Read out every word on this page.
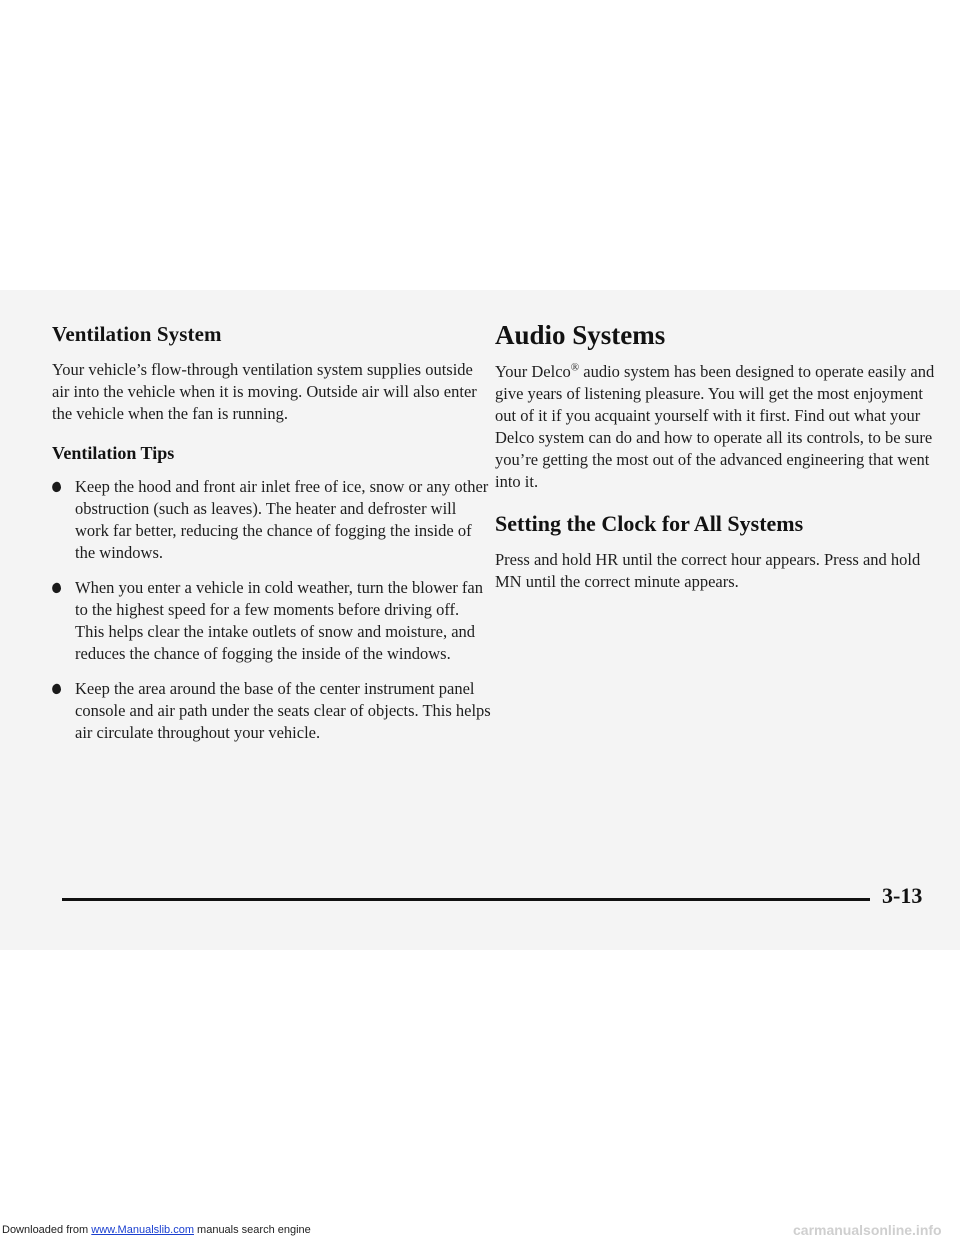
Ventilation System

Your vehicle’s flow-through ventilation system supplies outside air into the vehicle when it is moving. Outside air will also enter the vehicle when the fan is running.

Ventilation Tips
Keep the hood and front air inlet free of ice, snow or any other obstruction (such as leaves). The heater and defroster will work far better, reducing the chance of fogging the inside of the windows.
When you enter a vehicle in cold weather, turn the blower fan to the highest speed for a few moments before driving off. This helps clear the intake outlets of snow and moisture, and reduces the chance of fogging the inside of the windows.
Keep the area around the base of the center instrument panel console and air path under the seats clear of objects. This helps air circulate throughout your vehicle.
Audio Systems

Your Delco® audio system has been designed to operate easily and give years of listening pleasure. You will get the most enjoyment out of it if you acquaint yourself with it first. Find out what your Delco system can do and how to operate all its controls, to be sure you’re getting the most out of the advanced engineering that went into it.

Setting the Clock for All Systems

Press and hold HR until the correct hour appears. Press and hold MN until the correct minute appears.

3-13
Downloaded from www.Manualslib.com manuals search engine	carmanualsonline.info
